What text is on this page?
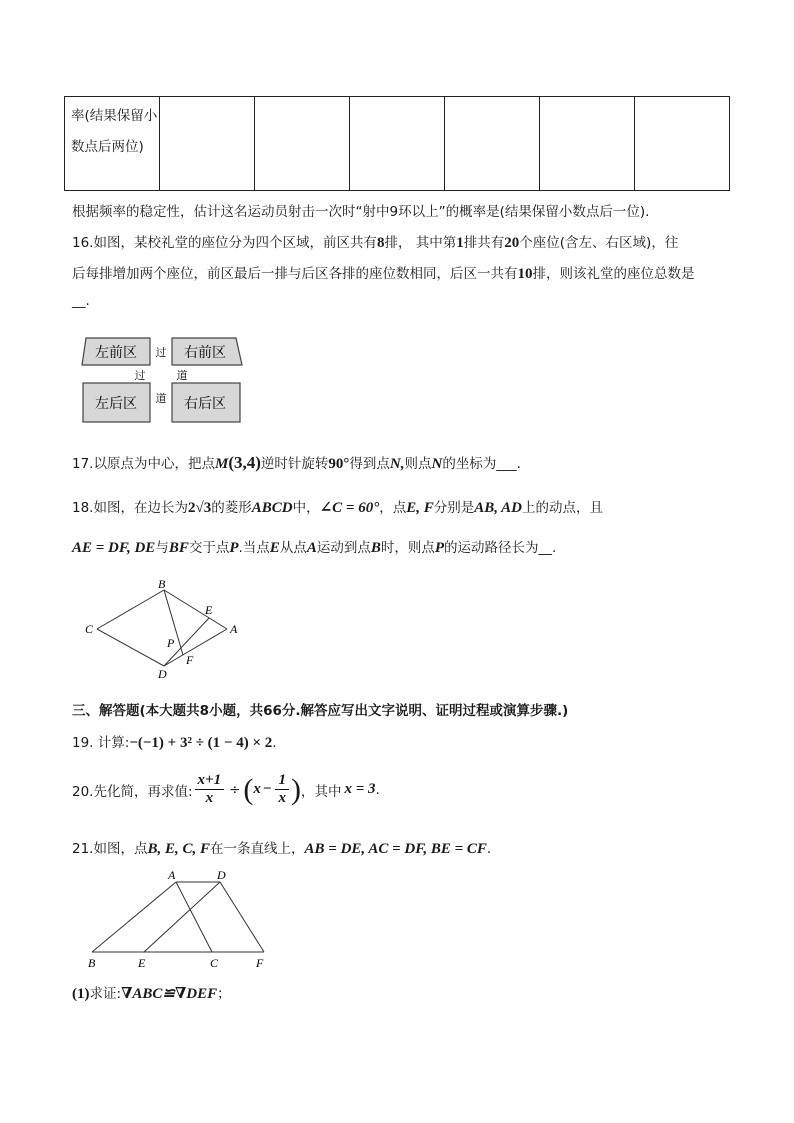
率(结果保留小数点后两位)

根据频率的稳定性，估计这名运动员射击一次时“射中9环以上”的概率是(结果保留小数点后一位).
16.如图，某校礼堂的座位分为四个区域，前区共有8排， 其中第1排共有20个座位(含左、右区域)，往
后每排增加两个座位，前区最后一排与后区各排的座位数相同，后区一共有10排，则该礼堂的座位总数是
__.
左前区	右前区
左后区	右后区
过
过	道
道
17.以原点为中心，把点M(3,4)逆时针旋转90°得到点N,则点N的坐标为___.
18.如图，在边长为2√3的菱形ABCD中，∠C = 60°，点E, F分别是AB, AD上的动点，且
AE = DF, DE与BF交于点P.当点E从点A运动到点B时，则点P的运动路径长为__.
B
C
D
A
E
P
F
三、解答题(本大题共8小题，共66分.解答应写出文字说明、证明过程或演算步骤.)
19. 计算:−(−1) + 3² ÷ (1 − 4) × 2.
20.先化简，再求值: $\frac{x+1}{x}$ ÷ ( $x - \frac{1}{x}$ ) ，其中 x = 3 .
21.如图，点B, E, C, F在一条直线上，AB = DE, AC = DF, BE = CF.
A	D
B	E	C	F
(1)求证:∇ABC≌∇DEF；
